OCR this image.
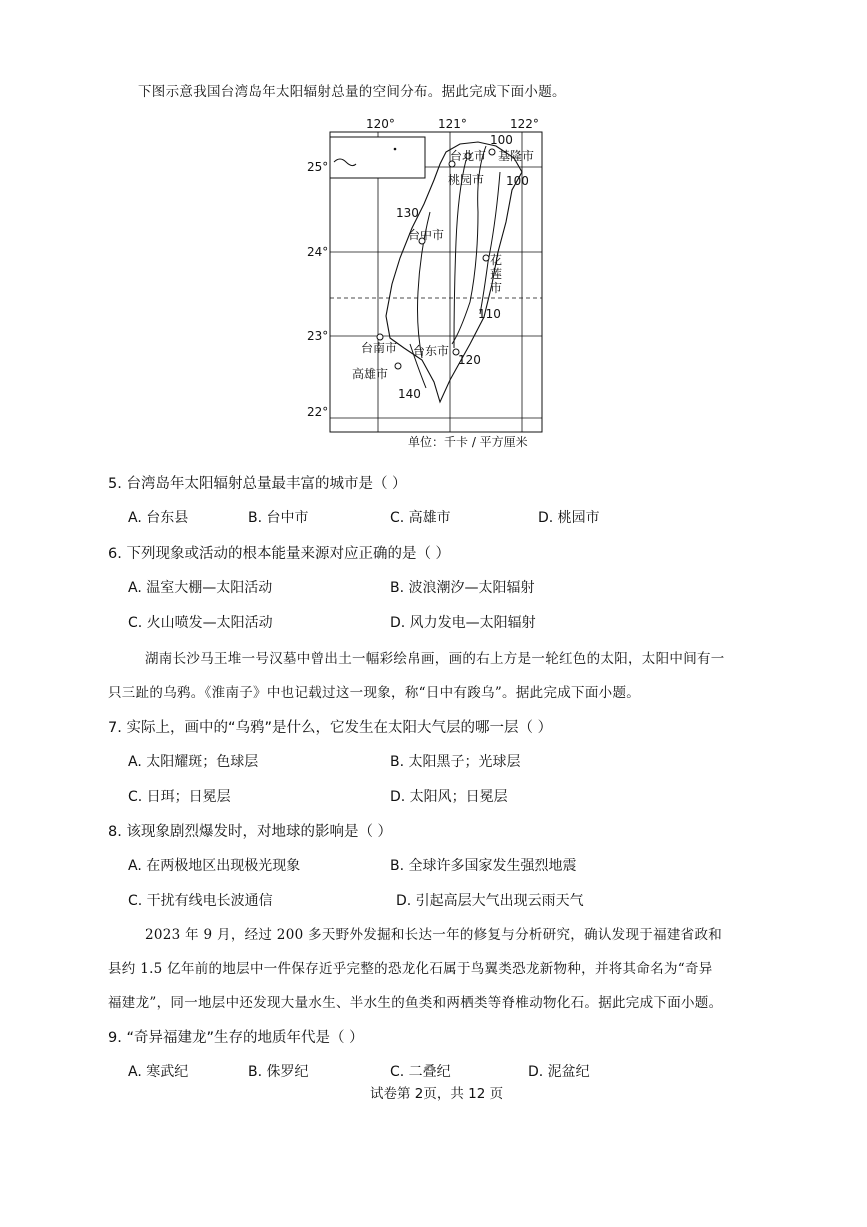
下图示意我国台湾岛年太阳辐射总量的空间分布。据此完成下面小题。
120°	121°	122°
25°
24°
23°
22°
台北市 基隆市
桃园市
台中市
花
莲
市
台南市 台东市
高雄市
100
100
130
110
120
140
单位：千卡 / 平方厘米
5. 台湾岛年太阳辐射总量最丰富的城市是（ ）
A. 台东县	B. 台中市	C. 高雄市	D. 桃园市
6. 下列现象或活动的根本能量来源对应正确的是（ ）
A. 温室大棚—太阳活动	B. 波浪潮汐—太阳辐射
C. 火山喷发—太阳活动	D. 风力发电—太阳辐射
湖南长沙马王堆一号汉墓中曾出土一幅彩绘帛画，画的右上方是一轮红色的太阳，太阳中间有一
只三趾的乌鸦。《淮南子》中也记载过这一现象，称“日中有踆乌”。据此完成下面小题。
7. 实际上，画中的“乌鸦”是什么，它发生在太阳大气层的哪一层（ ）
A. 太阳耀斑；色球层	B. 太阳黑子；光球层
C. 日珥；日冕层	D. 太阳风；日冕层
8. 该现象剧烈爆发时，对地球的影响是（ ）
A. 在两极地区出现极光现象	B. 全球许多国家发生强烈地震
C. 干扰有线电长波通信	D. 引起高层大气出现云雨天气
2023 年 9 月，经过 200 多天野外发掘和长达一年的修复与分析研究，确认发现于福建省政和
县约 1.5 亿年前的地层中一件保存近乎完整的恐龙化石属于鸟翼类恐龙新物种，并将其命名为“奇异
福建龙”，同一地层中还发现大量水生、半水生的鱼类和两栖类等脊椎动物化石。据此完成下面小题。
9. “奇异福建龙”生存的地质年代是（ ）
A. 寒武纪	B. 侏罗纪	C. 二叠纪	D. 泥盆纪
试卷第 2页，共 12 页
